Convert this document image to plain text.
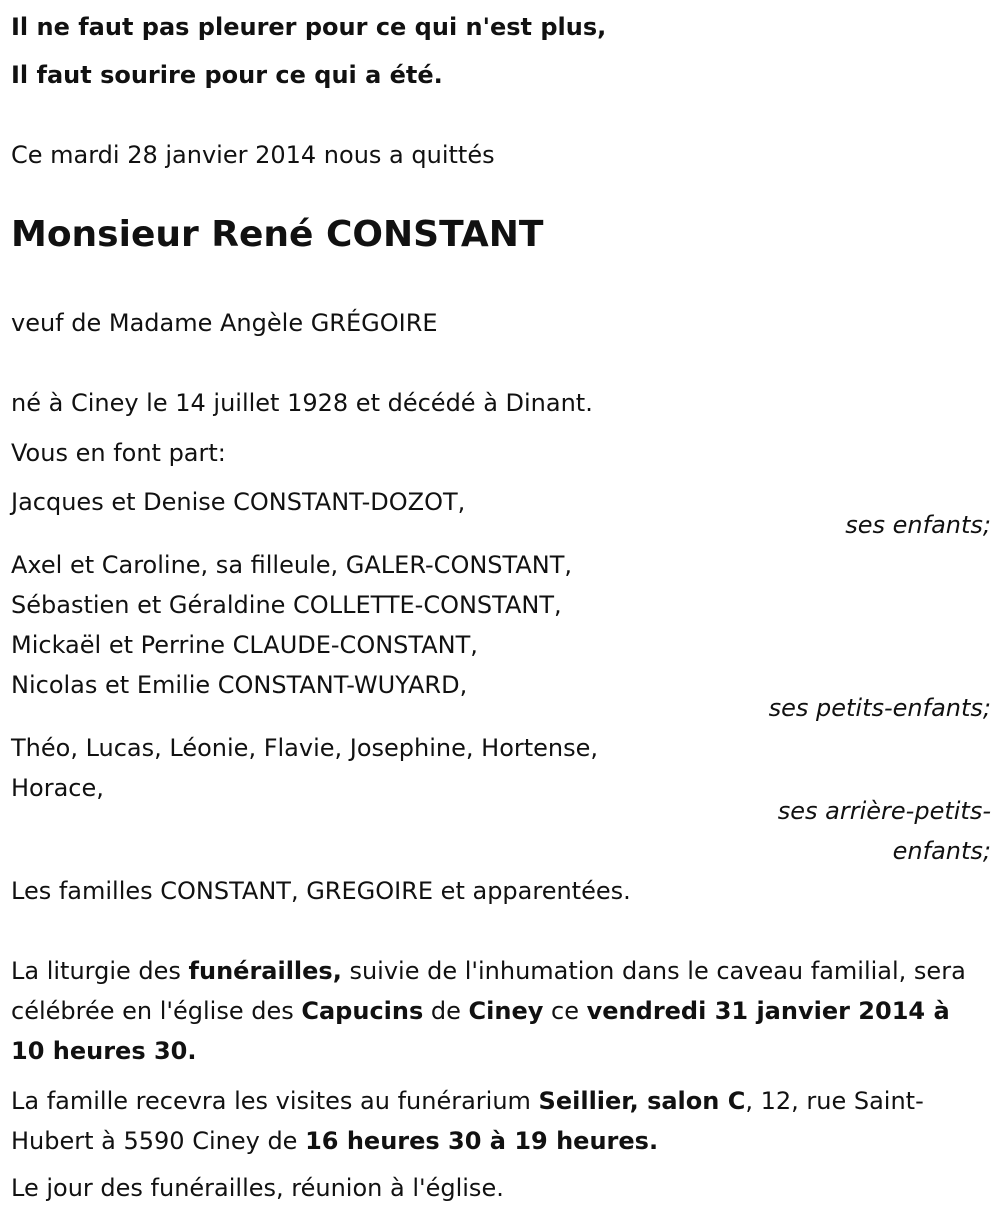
Il ne faut pas pleurer pour ce qui n'est plus,
Il faut sourire pour ce qui a été.
Ce mardi 28 janvier 2014 nous a quittés
Monsieur René CONSTANT
veuf de Madame Angèle GRÉGOIRE
né à Ciney le 14 juillet 1928 et décédé à Dinant.
Vous en font part:
Jacques et Denise CONSTANT-DOZOT,
ses enfants;
Axel et Caroline, sa filleule, GALER-CONSTANT,
Sébastien et Géraldine COLLETTE-CONSTANT,
Mickaël et Perrine CLAUDE-CONSTANT,
Nicolas et Emilie CONSTANT-WUYARD,
ses petits-enfants;
Théo, Lucas, Léonie, Flavie, Josephine, Hortense,
Horace,
ses arrière-petits-
enfants;
Les familles CONSTANT, GREGOIRE et apparentées.
La liturgie des funérailles, suivie de l'inhumation dans le caveau familial, sera célébrée en l'église des Capucins de Ciney ce vendredi 31 janvier 2014 à 10 heures 30.
La famille recevra les visites au funérarium Seillier, salon C, 12, rue Saint-Hubert à 5590 Ciney de 16 heures 30 à 19 heures.
Le jour des funérailles, réunion à l'église.
